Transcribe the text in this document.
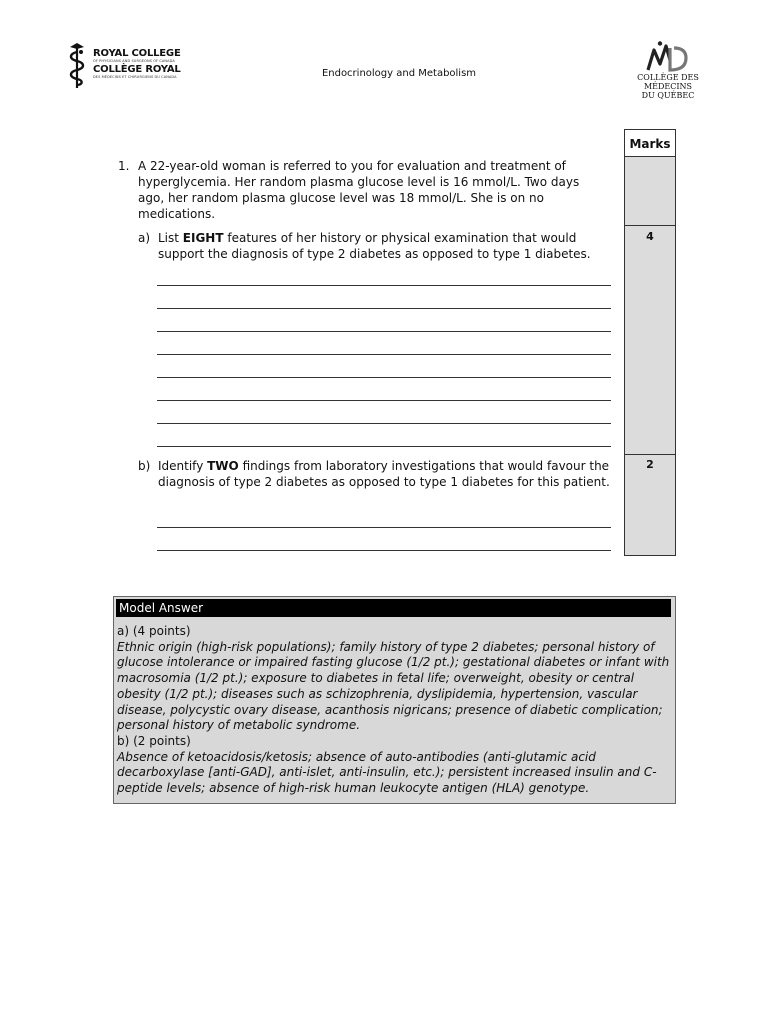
ROYAL COLLEGE
OF PHYSICIANS AND SURGEONS OF CANADA
COLLÈGE ROYAL
DES MÉDECINS ET CHIRURGIENS DU CANADA	Endocrinology and Metabolism	COLLÈGE DES MÉDECINS
DU QUÉBEC
Marks
4
2
1. A 22-year-old woman is referred to you for evaluation and treatment of hyperglycemia. Her random plasma glucose level is 16 mmol/L. Two days ago, her random plasma glucose level was 18 mmol/L. She is on no medications.
a) List EIGHT features of her history or physical examination that would support the diagnosis of type 2 diabetes as opposed to type 1 diabetes.
b) Identify TWO findings from laboratory investigations that would favour the diagnosis of type 2 diabetes as opposed to type 1 diabetes for this patient.
Model Answer
a) (4 points)
Ethnic origin (high-risk populations); family history of type 2 diabetes; personal history of glucose intolerance or impaired fasting glucose (1/2 pt.); gestational diabetes or infant with macrosomia (1/2 pt.); exposure to diabetes in fetal life; overweight, obesity or central obesity (1/2 pt.); diseases such as schizophrenia, dyslipidemia, hypertension, vascular disease, polycystic ovary disease, acanthosis nigricans; presence of diabetic complication; personal history of metabolic syndrome.
b) (2 points)
Absence of ketoacidosis/ketosis; absence of auto-antibodies (anti-glutamic acid decarboxylase [anti-GAD], anti-islet, anti-insulin, etc.); persistent increased insulin and C-peptide levels; absence of high-risk human leukocyte antigen (HLA) genotype.
